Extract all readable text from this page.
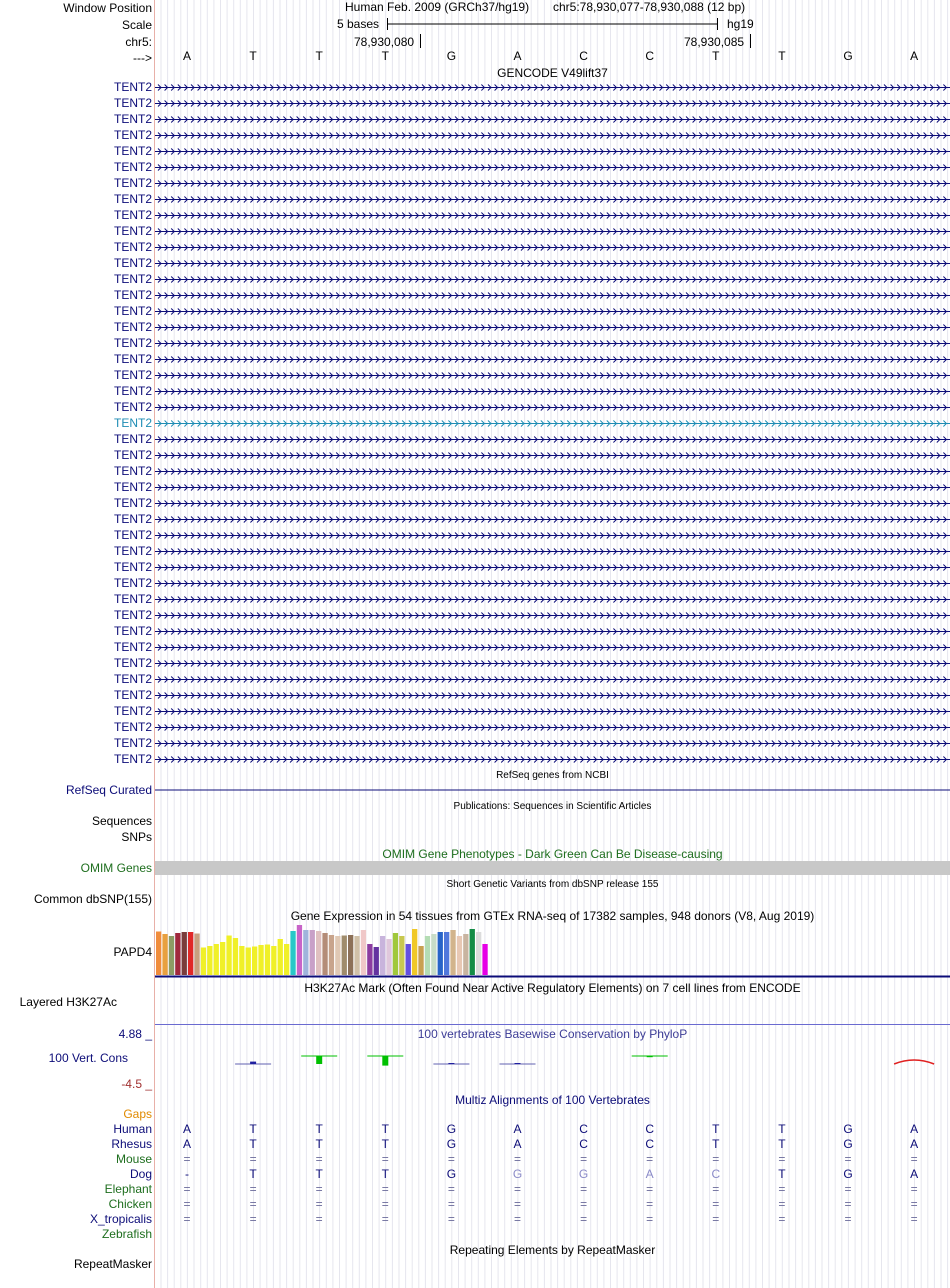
Window Position
Scale
chr5:
--->
TENT2
TENT2
TENT2
TENT2
TENT2
TENT2
TENT2
TENT2
TENT2
TENT2
TENT2
TENT2
TENT2
TENT2
TENT2
TENT2
TENT2
TENT2
TENT2
TENT2
TENT2
TENT2
TENT2
TENT2
TENT2
TENT2
TENT2
TENT2
TENT2
TENT2
TENT2
TENT2
TENT2
TENT2
TENT2
TENT2
TENT2
TENT2
TENT2
TENT2
TENT2
TENT2
TENT2
RefSeq Curated
Sequences
SNPs
OMIM Genes
Common dbSNP(155)
PAPD4
Layered H3K27Ac
4.88 _
100 Vert. Cons
-4.5 _
Gaps
Human
Rhesus
Mouse
Dog
Elephant
Chicken
X_tropicalis
Zebrafish
RepeatMasker
Human Feb. 2009 (GRCh37/hg19) chr5:78,930,077-78,930,088 (12 bp)
5 bases	hg19
78,930,080	78,930,085
A	T	T	T	G	A	C	C	T	T	G	A
GENCODE V49lift37
RefSeq genes from NCBI
Publications: Sequences in Scientific Articles
OMIM Gene Phenotypes - Dark Green Can Be Disease-causing
Short Genetic Variants from dbSNP release 155
Gene Expression in 54 tissues from GTEx RNA-seq of 17382 samples, 948 donors (V8, Aug 2019)
H3K27Ac Mark (Often Found Near Active Regulatory Elements) on 7 cell lines from ENCODE
100 vertebrates Basewise Conservation by PhyloP
Multiz Alignments of 100 Vertebrates
A	T	T	T	G	A	C	C	T	T	G	A
A	T	T	T	G	A	C	C	T	T	G	A
=	=	=	=	=	=	=	=	=	=	=	=
-	T	T	T	G	G	G	A	C	T	G	A
=	=	=	=	=	=	=	=	=	=	=	=
=	=	=	=	=	=	=	=	=	=	=	=
=	=	=	=	=	=	=	=	=	=	=	=
Repeating Elements by RepeatMasker
